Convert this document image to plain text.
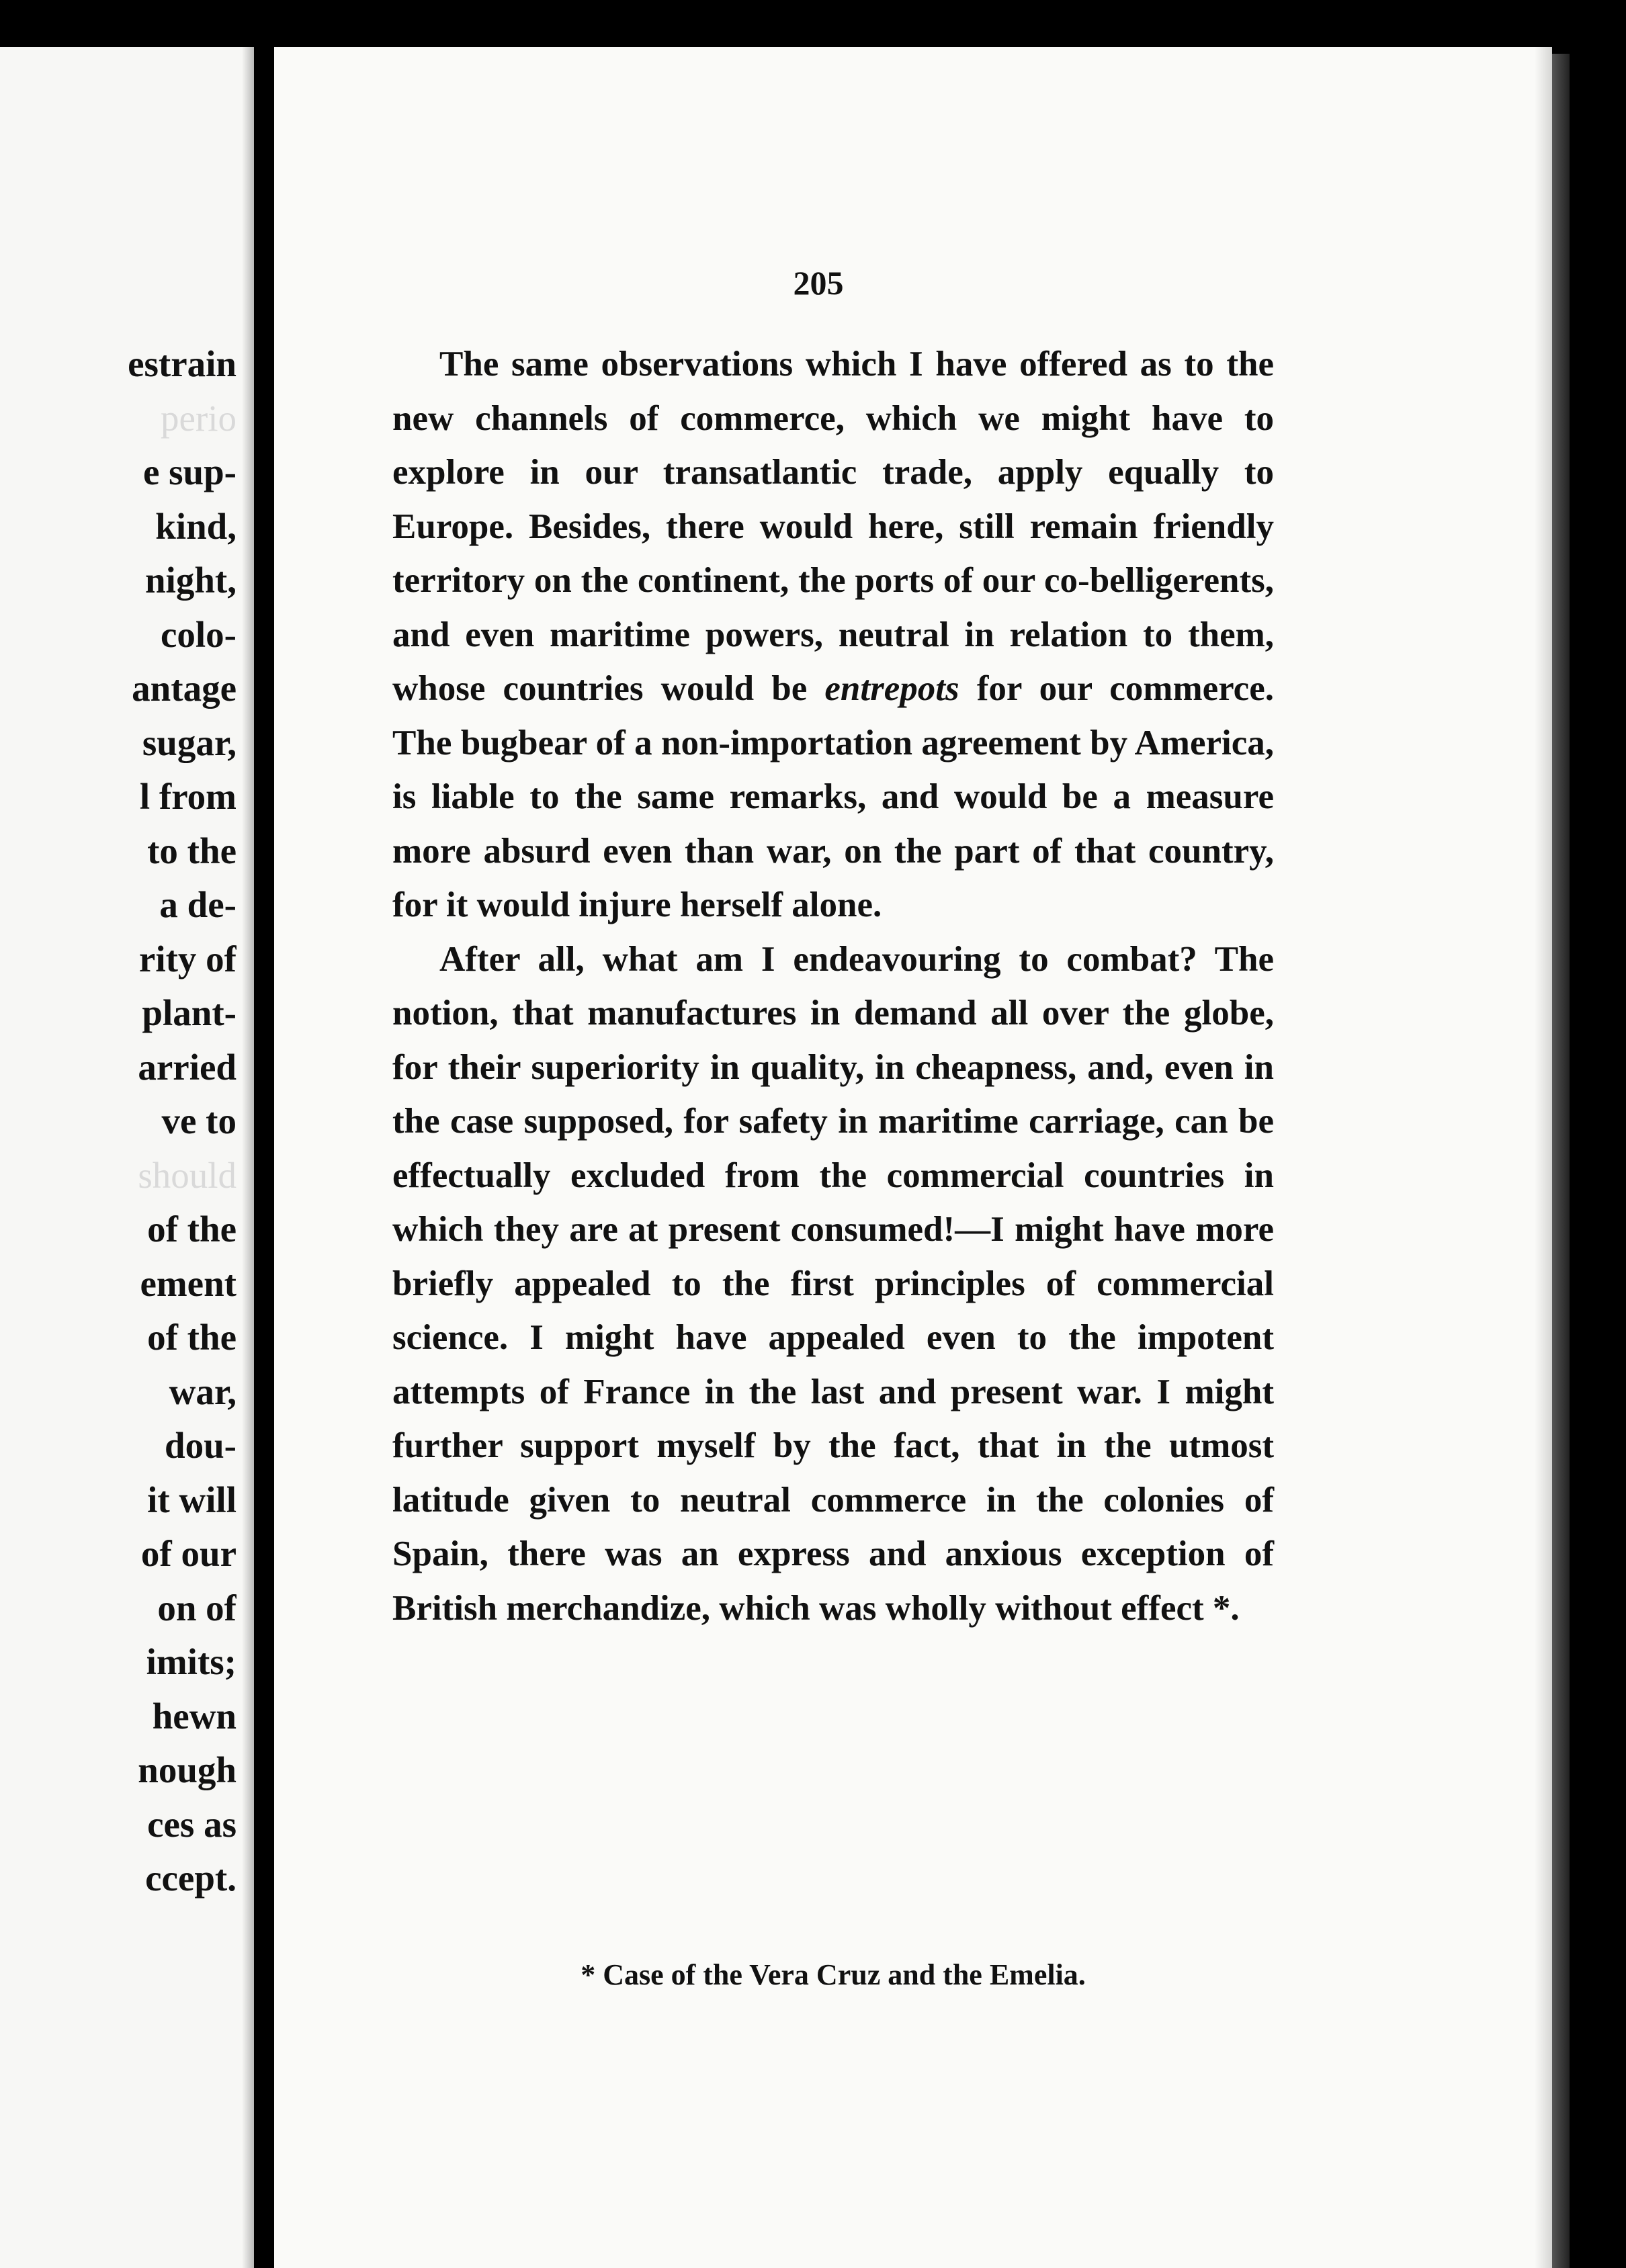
estrain
perio
e sup-
kind,
night,
colo-
antage
sugar,
l from
to the
a de-
rity of
plant-
arried
ve to
should
of the
ement
of the
war,
dou-
it will
of our
on of
imits;
hewn
nough
ces as
ccept.
205

The same observations which I have offered as to the new channels of commerce, which we might have to explore in our transatlantic trade, apply equally to Europe. Besides, there would here, still remain friendly territory on the continent, the ports of our co-belligerents, and even maritime powers, neutral in relation to them, whose countries would be entrepots for our commerce. The bugbear of a non-importation agreement by America, is liable to the same remarks, and would be a measure more absurd even than war, on the part of that country, for it would injure herself alone.

After all, what am I endeavouring to combat? The notion, that manufactures in demand all over the globe, for their superiority in quality, in cheapness, and, even in the case supposed, for safety in maritime carriage, can be effectually excluded from the commercial countries in which they are at present consumed!—I might have more briefly appealed to the first principles of commercial science. I might have appealed even to the impotent attempts of France in the last and present war. I might further support myself by the fact, that in the utmost latitude given to neutral commerce in the colonies of Spain, there was an express and anxious exception of British merchandize, which was wholly without effect *.

* Case of the Vera Cruz and the Emelia.
